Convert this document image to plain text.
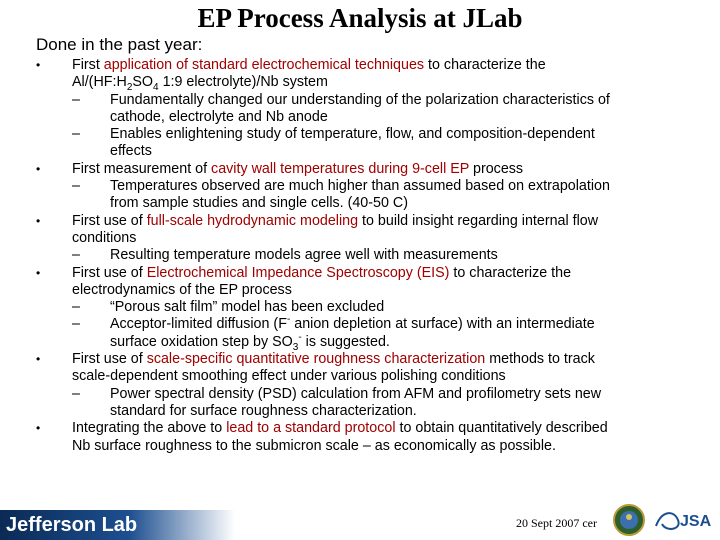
EP Process Analysis at JLab
Done in the past year:
• First application of standard electrochemical techniques to characterize the
$Al/(HF:H_2SO_4$ 1:9 electrolyte)/Nb system
– Fundamentally changed our understanding of the polarization characteristics of
cathode, electrolyte and Nb anode
– Enables enlightening study of temperature, flow, and composition-dependent
effects
• First measurement of cavity wall temperatures during 9-cell EP process
– Temperatures observed are much higher than assumed based on extrapolation
from sample studies and single cells. (40-50 C)
• First use of full-scale hydrodynamic modeling to build insight regarding internal flow
conditions
– Resulting temperature models agree well with measurements
• First use of Electrochemical Impedance Spectroscopy (EIS) to characterize the
electrodynamics of the EP process
– “Porous salt film” model has been excluded
– Acceptor-limited diffusion (F- anion depletion at surface) with an intermediate
surface oxidation step by $SO_3^-$ is suggested.
• First use of scale-specific quantitative roughness characterization methods to track
scale-dependent smoothing effect under various polishing conditions
– Power spectral density (PSD) calculation from AFM and profilometry sets new
standard for surface roughness characterization.
• Integrating the above to lead to a standard protocol to obtain quantitatively described
Nb surface roughness to the submicron scale – as economically as possible.
Jefferson Lab	20 Sept 2007 cer	JSA
